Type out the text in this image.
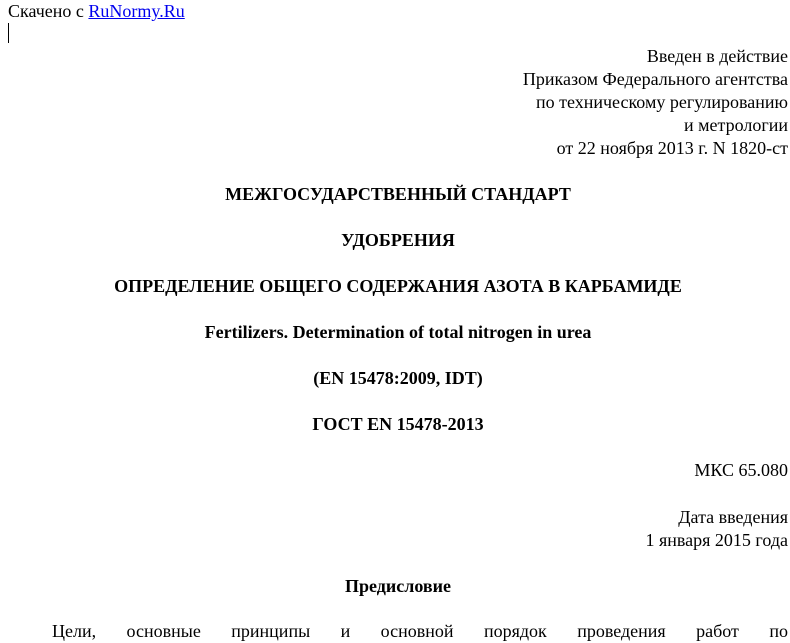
Скачено с RuNormy.Ru
Введен в действие
Приказом Федерального агентства
по техническому регулированию
и метрологии
от 22 ноября 2013 г. N 1820-ст
МЕЖГОСУДАРСТВЕННЫЙ СТАНДАРТ
УДОБРЕНИЯ
ОПРЕДЕЛЕНИЕ ОБЩЕГО СОДЕРЖАНИЯ АЗОТА В КАРБАМИДЕ
Fertilizers. Determination of total nitrogen in urea
(EN 15478:2009, IDT)
ГОСТ EN 15478-2013
МКС 65.080
Дата введения
1 января 2015 года
Предисловие
Цели, основные принципы и основной порядок проведения работ по
